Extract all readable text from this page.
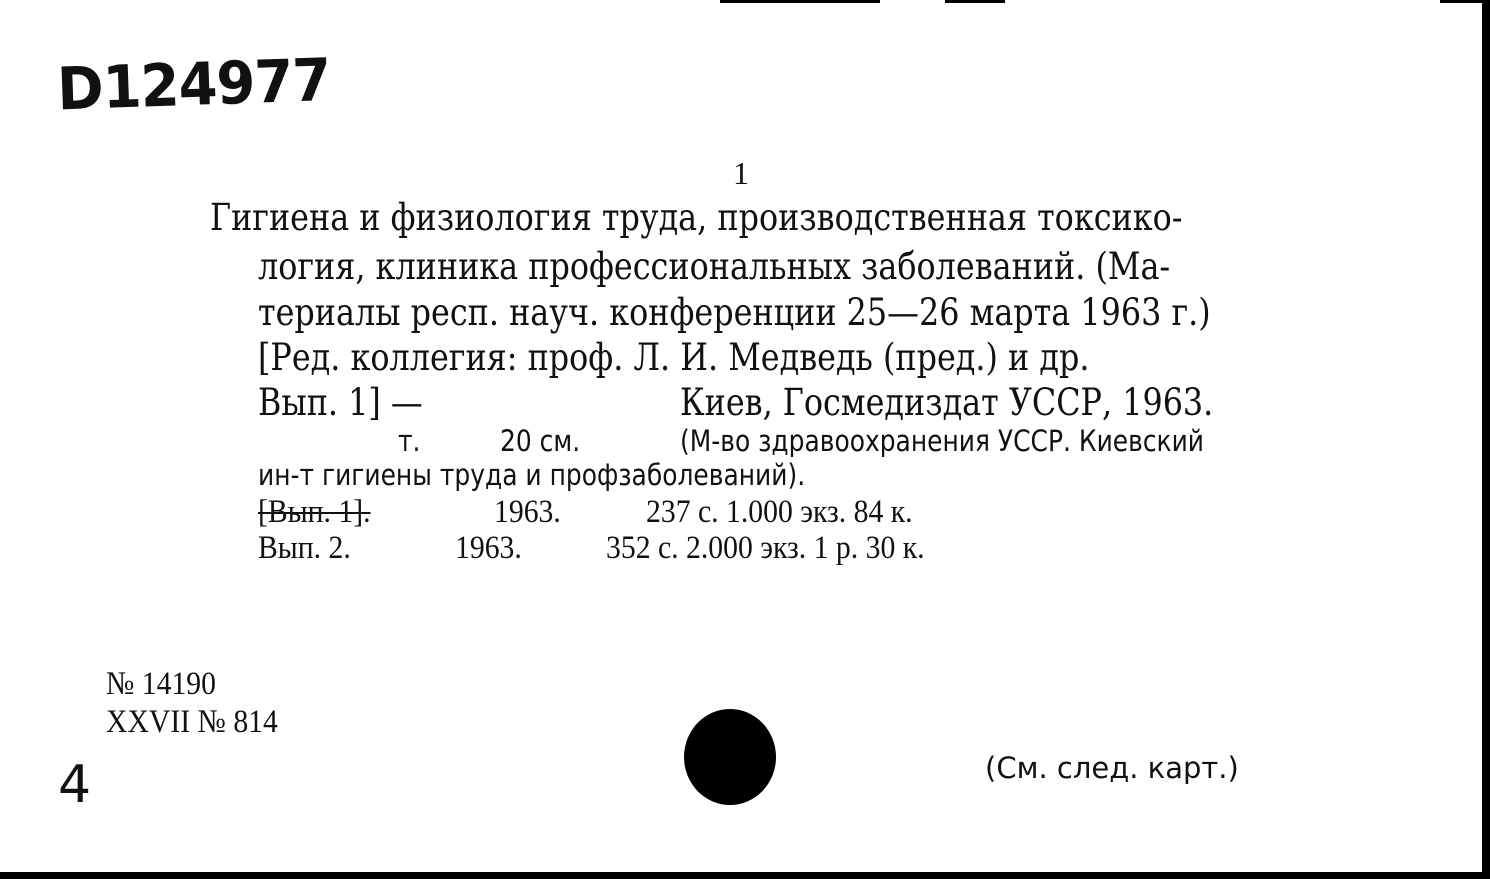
D124977
1
Гигиена и физиология труда, производственная токсико-
логия, клиника профессиональных заболеваний. (Ма-
териалы респ. науч. конференции 25—26 марта 1963 г.)
[Ред. коллегия: проф. Л. И. Медведь (пред.) и др.
Вып. 1] —	Киев, Госмедиздат УССР, 1963.
т.	20 см.	(М-во здравоохранения УССР. Киевский
ин-т гигиены труда и профзаболеваний).
[Вып. 1].	1963.	237 с. 1.000 экз. 84 к.
Вып. 2.	1963.	352 с. 2.000 экз. 1 р. 30 к.
№ 14190
XXVII № 814
(См. след. карт.)
4
